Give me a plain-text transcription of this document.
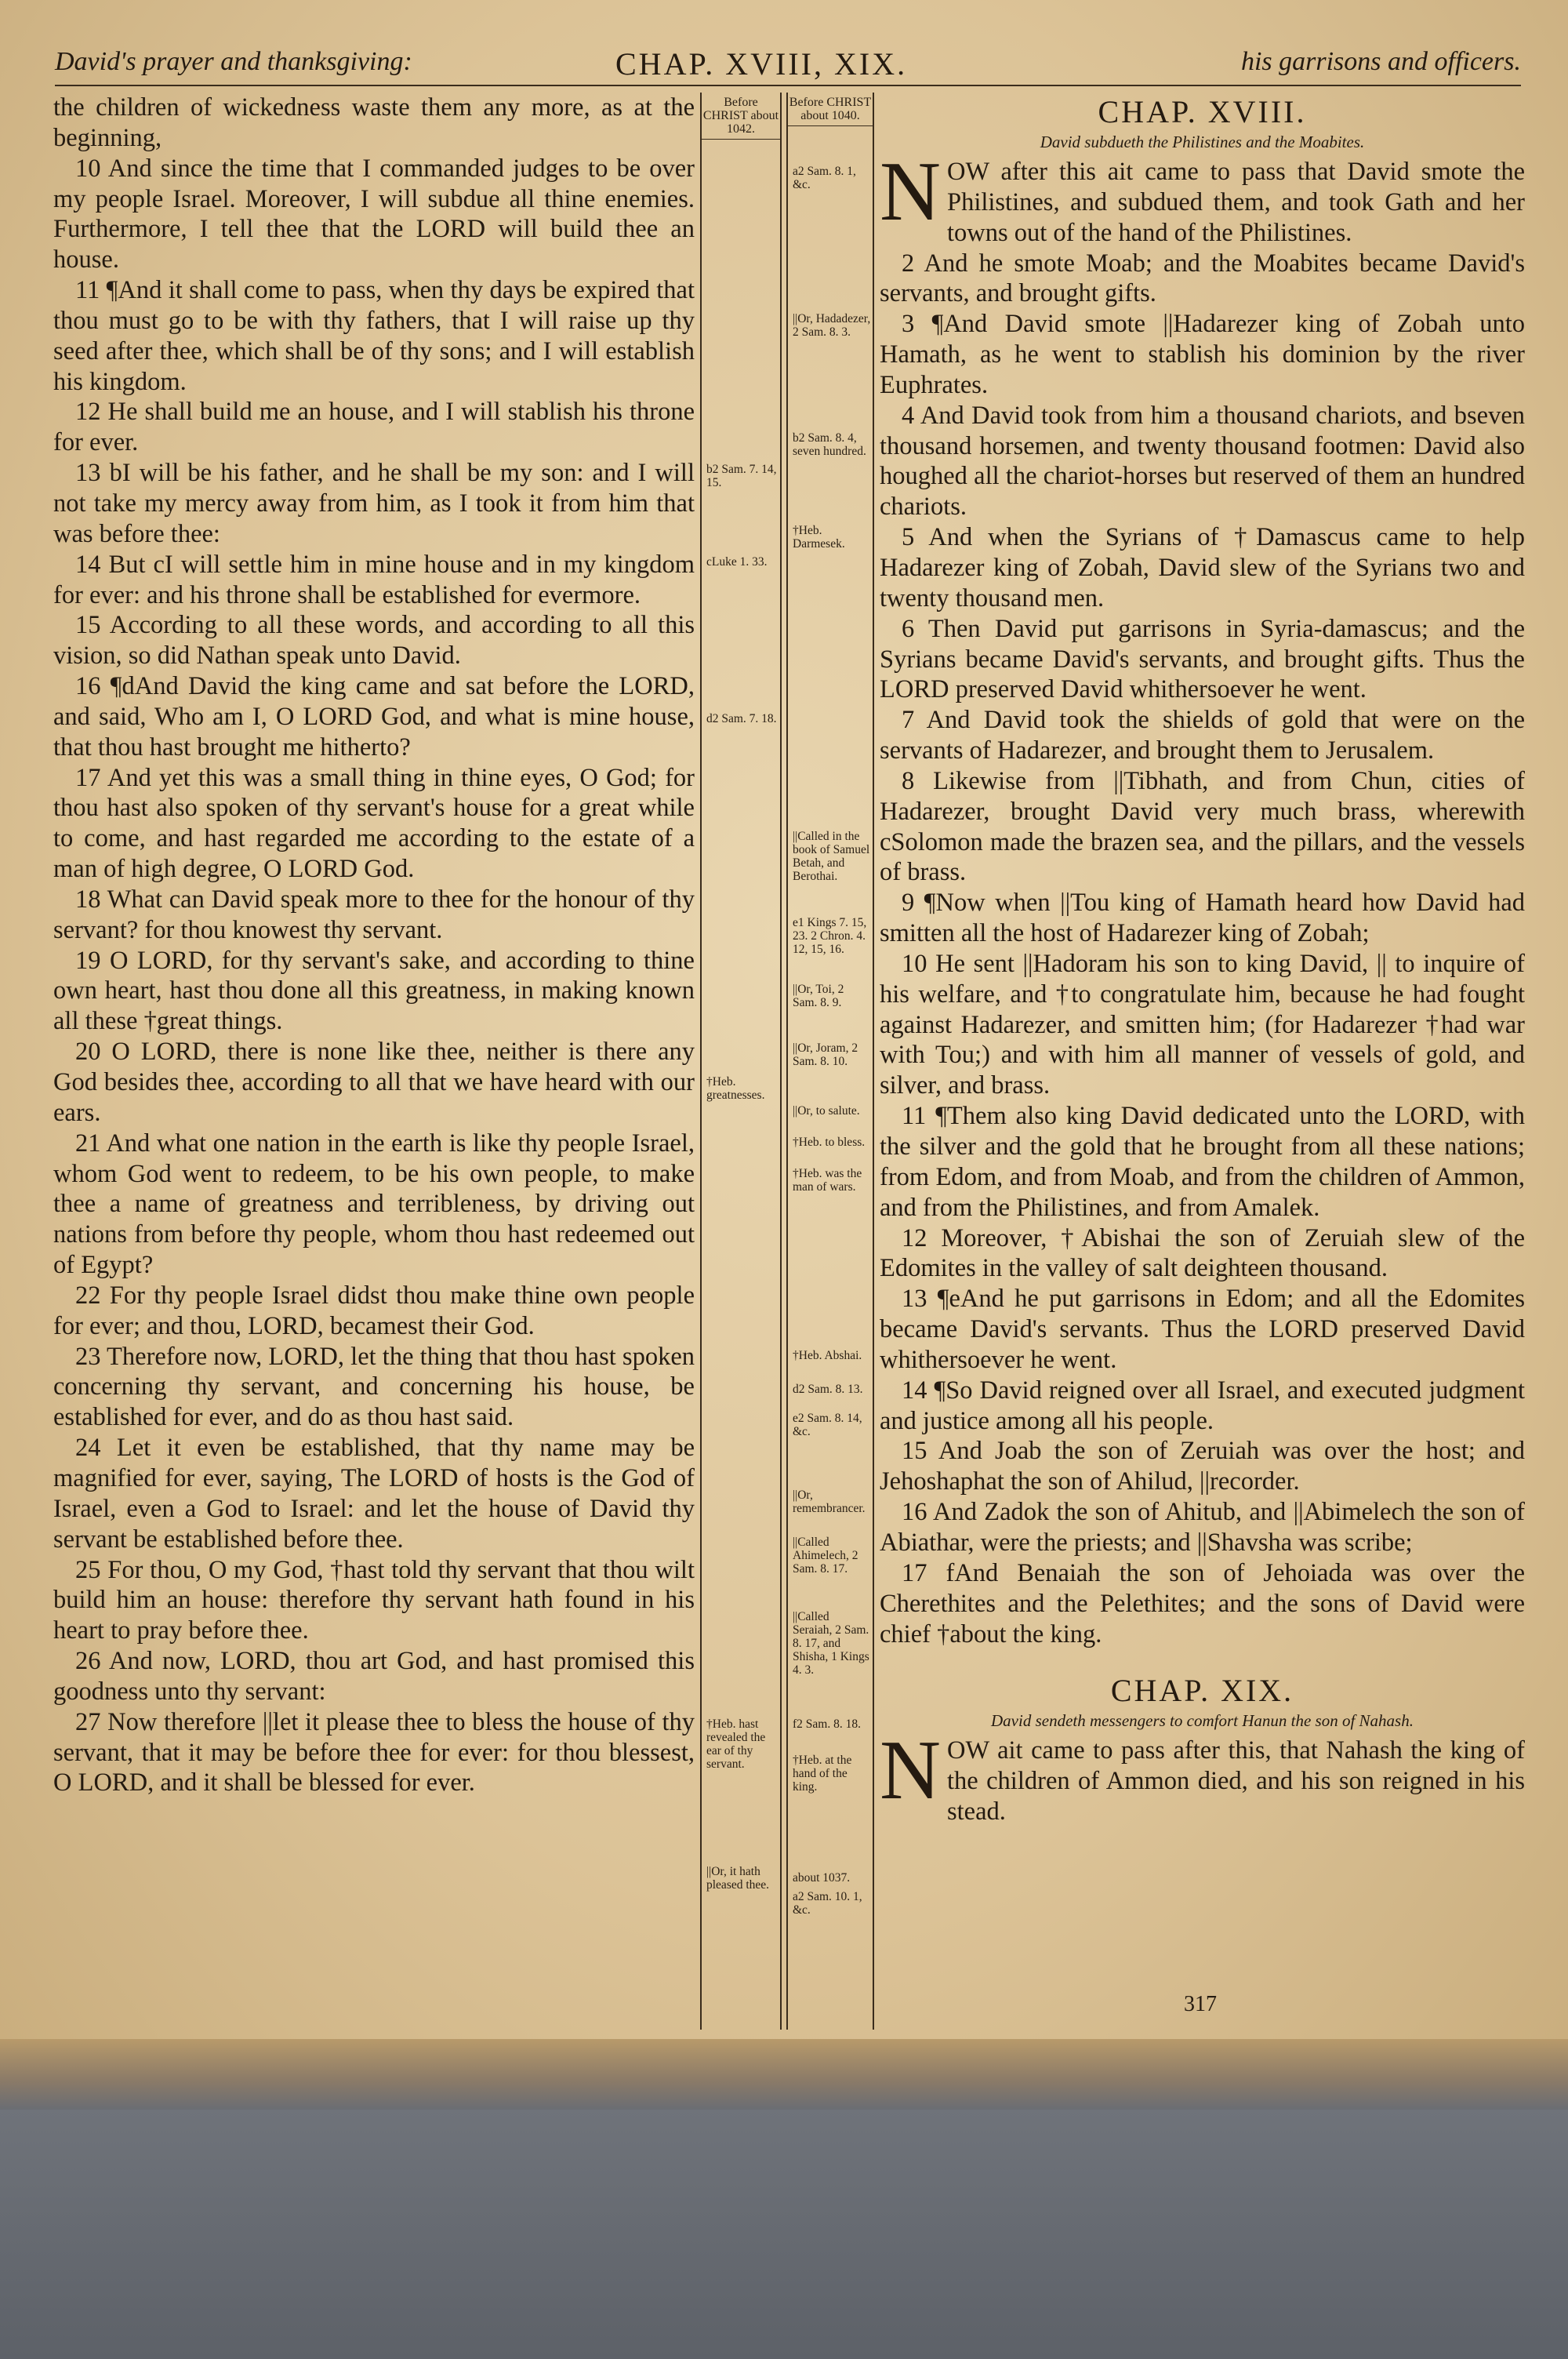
David's prayer and thanksgiving:	CHAP. XVIII, XIX.	his garrisons and officers.

the children of wickedness waste them any more, as at the beginning,

10 And since the time that I commanded judges to be over my people Israel. Moreover, I will subdue all thine enemies. Furthermore, I tell thee that the LORD will build thee an house.

11 ¶And it shall come to pass, when thy days be expired that thou must go to be with thy fathers, that I will raise up thy seed after thee, which shall be of thy sons; and I will establish his kingdom.

12 He shall build me an house, and I will stablish his throne for ever.

13 bI will be his father, and he shall be my son: and I will not take my mercy away from him, as I took it from him that was before thee:

14 But cI will settle him in mine house and in my kingdom for ever: and his throne shall be established for evermore.

15 According to all these words, and according to all this vision, so did Nathan speak unto David.

16 ¶dAnd David the king came and sat before the LORD, and said, Who am I, O LORD God, and what is mine house, that thou hast brought me hitherto?

17 And yet this was a small thing in thine eyes, O God; for thou hast also spoken of thy servant's house for a great while to come, and hast regarded me according to the estate of a man of high degree, O LORD God.

18 What can David speak more to thee for the honour of thy servant? for thou knowest thy servant.

19 O LORD, for thy servant's sake, and according to thine own heart, hast thou done all this greatness, in making known all these †great things.

20 O LORD, there is none like thee, neither is there any God besides thee, according to all that we have heard with our ears.

21 And what one nation in the earth is like thy people Israel, whom God went to redeem, to be his own people, to make thee a name of greatness and terribleness, by driving out nations from before thy people, whom thou hast redeemed out of Egypt?

22 For thy people Israel didst thou make thine own people for ever; and thou, LORD, becamest their God.

23 Therefore now, LORD, let the thing that thou hast spoken concerning thy servant, and concerning his house, be established for ever, and do as thou hast said.

24 Let it even be established, that thy name may be magnified for ever, saying, The LORD of hosts is the God of Israel, even a God to Israel: and let the house of David thy servant be established before thee.

25 For thou, O my God, †hast told thy servant that thou wilt build him an house: therefore thy servant hath found in his heart to pray before thee.

26 And now, LORD, thou art God, and hast promised this goodness unto thy servant:

27 Now therefore ||let it please thee to bless the house of thy servant, that it may be before thee for ever: for thou blessest, O LORD, and it shall be blessed for ever.

Before CHRIST about 1042.
b2 Sam. 7. 14, 15.
cLuke 1. 33.
d2 Sam. 7. 18.
†Heb. greatnesses.
†Heb. hast revealed the ear of thy servant.
||Or, it hath pleased thee.
Before CHRIST about 1040.
a2 Sam. 8. 1, &c.
||Or, Hadadezer, 2 Sam. 8. 3.
b2 Sam. 8. 4, seven hundred.
†Heb. Darmesek.
||Called in the book of Samuel Betah, and Berothai.
e1 Kings 7. 15, 23. 2 Chron. 4. 12, 15, 16.
||Or, Toi, 2 Sam. 8. 9.
||Or, Joram, 2 Sam. 8. 10.
||Or, to salute.
†Heb. to bless.
†Heb. was the man of wars.
†Heb. Abshai.
d2 Sam. 8. 13.
e2 Sam. 8. 14, &c.
||Or, remembrancer.
||Called Ahimelech, 2 Sam. 8. 17.
||Called Seraiah, 2 Sam. 8. 17, and Shisha, 1 Kings 4. 3.
f2 Sam. 8. 18.
†Heb. at the hand of the king.
about 1037.
a2 Sam. 10. 1, &c.
CHAP. XVIII.
David subdueth the Philistines and the Moabites.

NOW after this ait came to pass that David smote the Philistines, and subdued them, and took Gath and her towns out of the hand of the Philistines.

2 And he smote Moab; and the Moabites became David's servants, and brought gifts.

3 ¶And David smote ||Hadarezer king of Zobah unto Hamath, as he went to stablish his dominion by the river Euphrates.

4 And David took from him a thousand chariots, and bseven thousand horsemen, and twenty thousand footmen: David also houghed all the chariot-horses but reserved of them an hundred chariots.

5 And when the Syrians of †Damascus came to help Hadarezer king of Zobah, David slew of the Syrians two and twenty thousand men.

6 Then David put garrisons in Syria-damascus; and the Syrians became David's servants, and brought gifts. Thus the LORD preserved David whithersoever he went.

7 And David took the shields of gold that were on the servants of Hadarezer, and brought them to Jerusalem.

8 Likewise from ||Tibhath, and from Chun, cities of Hadarezer, brought David very much brass, wherewith cSolomon made the brazen sea, and the pillars, and the vessels of brass.

9 ¶Now when ||Tou king of Hamath heard how David had smitten all the host of Hadarezer king of Zobah;

10 He sent ||Hadoram his son to king David, || to inquire of his welfare, and †to congratulate him, because he had fought against Hadarezer, and smitten him; (for Hadarezer †had war with Tou;) and with him all manner of vessels of gold, and silver, and brass.

11 ¶Them also king David dedicated unto the LORD, with the silver and the gold that he brought from all these nations; from Edom, and from Moab, and from the children of Ammon, and from the Philistines, and from Amalek.

12 Moreover, †Abishai the son of Zeruiah slew of the Edomites in the valley of salt deighteen thousand.

13 ¶eAnd he put garrisons in Edom; and all the Edomites became David's servants. Thus the LORD preserved David whithersoever he went.

14 ¶So David reigned over all Israel, and executed judgment and justice among all his people.

15 And Joab the son of Zeruiah was over the host; and Jehoshaphat the son of Ahilud, ||recorder.

16 And Zadok the son of Ahitub, and ||Abimelech the son of Abiathar, were the priests; and ||Shavsha was scribe;

17 fAnd Benaiah the son of Jehoiada was over the Cherethites and the Pelethites; and the sons of David were chief †about the king.

CHAP. XIX.
David sendeth messengers to comfort Hanun the son of Nahash.

NOW ait came to pass after this, that Nahash the king of the children of Ammon died, and his son reigned in his stead.

317
